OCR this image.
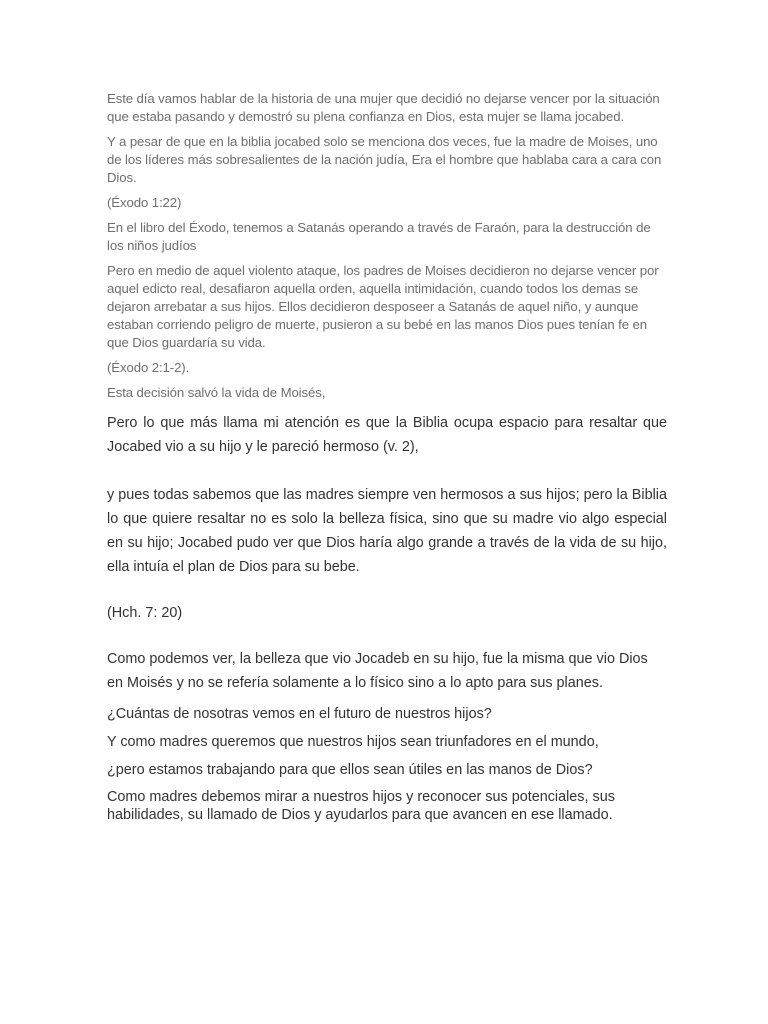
Este día vamos hablar de la historia de una mujer que decidió no dejarse vencer por la situación que estaba pasando y demostró su plena confianza en Dios, esta mujer se llama jocabed.

Y a pesar de que en la biblia jocabed solo se menciona dos veces, fue la madre de Moises, uno de los líderes más sobresalientes de la nación judía, Era el hombre que hablaba cara a cara con Dios.

(Éxodo 1:22)

En el libro del Éxodo, tenemos a Satanás operando a través de Faraón, para la destrucción de los niños judíos

Pero en medio de aquel violento ataque, los padres de Moises decidieron no dejarse vencer por aquel edicto real, desafiaron aquella orden, aquella intimidación, cuando todos los demas se dejaron arrebatar a sus hijos. Ellos decidieron desposeer a Satanás de aquel niño, y aunque estaban corriendo peligro de muerte, pusieron a su bebé en las manos Dios pues tenían fe en que Dios guardaría su vida.

(Éxodo 2:1-2).

Esta decisión salvó la vida de Moisés,

Pero lo que más llama mi atención es que la Biblia ocupa espacio para resaltar que Jocabed vio a su hijo y le pareció hermoso (v. 2),

y pues todas sabemos que las madres siempre ven hermosos a sus hijos; pero la Biblia lo que quiere resaltar no es solo la belleza física, sino que su madre vio algo especial en su hijo; Jocabed pudo ver que Dios haría algo grande a través de la vida de su hijo, ella intuía el plan de Dios para su bebe.

(Hch. 7: 20)

Como podemos ver, la belleza que vio Jocadeb en su hijo, fue la misma que vio Dios en Moisés y no se refería solamente a lo físico sino a lo apto para sus planes.

¿Cuántas de nosotras vemos en el futuro de nuestros hijos?

Y como madres queremos que nuestros hijos sean triunfadores en el mundo,

¿pero estamos trabajando para que ellos sean útiles en las manos de Dios?

Como madres debemos mirar a nuestros hijos y reconocer sus potenciales, sus habilidades, su llamado de Dios y ayudarlos para que avancen en ese llamado.
